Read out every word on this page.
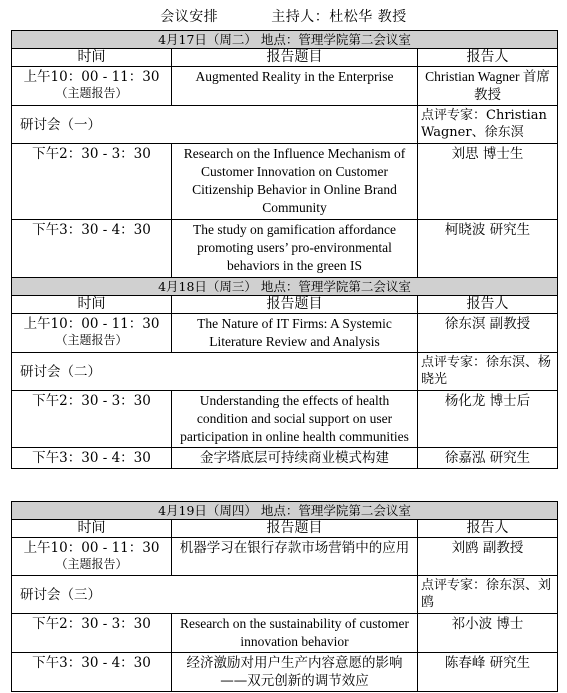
会议安排	主持人：杜松华 教授
4月17日（周二） 地点：管理学院第二会议室		
时间	报告题目	报告人
上午10：00 - 11：30
（主题报告）	Augmented Reality in the Enterprise	Christian Wagner 首席教授
研讨会（一）		点评专家：Christian Wagner、徐东溟
下午2：30 - 3：30	Research on the Influence Mechanism of Customer Innovation on Customer Citizenship Behavior in Online Brand Community	刘思 博士生
下午3：30 - 4：30	The study on gamification affordance promoting users’ pro-environmental behaviors in the green IS	柯晓波 研究生
4月18日（周三） 地点：管理学院第二会议室		
时间	报告题目	报告人
上午10：00 - 11：30
（主题报告）	The Nature of IT Firms: A Systemic Literature Review and Analysis	徐东溟 副教授
研讨会（二）		点评专家：徐东溟、杨晓光
下午2：30 - 3：30	Understanding the effects of health condition and social support on user participation in online health communities	杨化龙 博士后
下午3：30 - 4：30	金字塔底层可持续商业模式构建	徐嘉泓 研究生
4月19日（周四） 地点：管理学院第二会议室		
时间	报告题目	报告人
上午10：00 - 11：30
（主题报告）	机器学习在银行存款市场营销中的应用	刘鸥 副教授
研讨会（三）		点评专家：徐东溟、刘鸥
下午2：30 - 3：30	Research on the sustainability of customer innovation behavior	祁小波 博士
下午3：30 - 4：30	经济激励对用户生产内容意愿的影响——双元创新的调节效应	陈春峰 研究生
